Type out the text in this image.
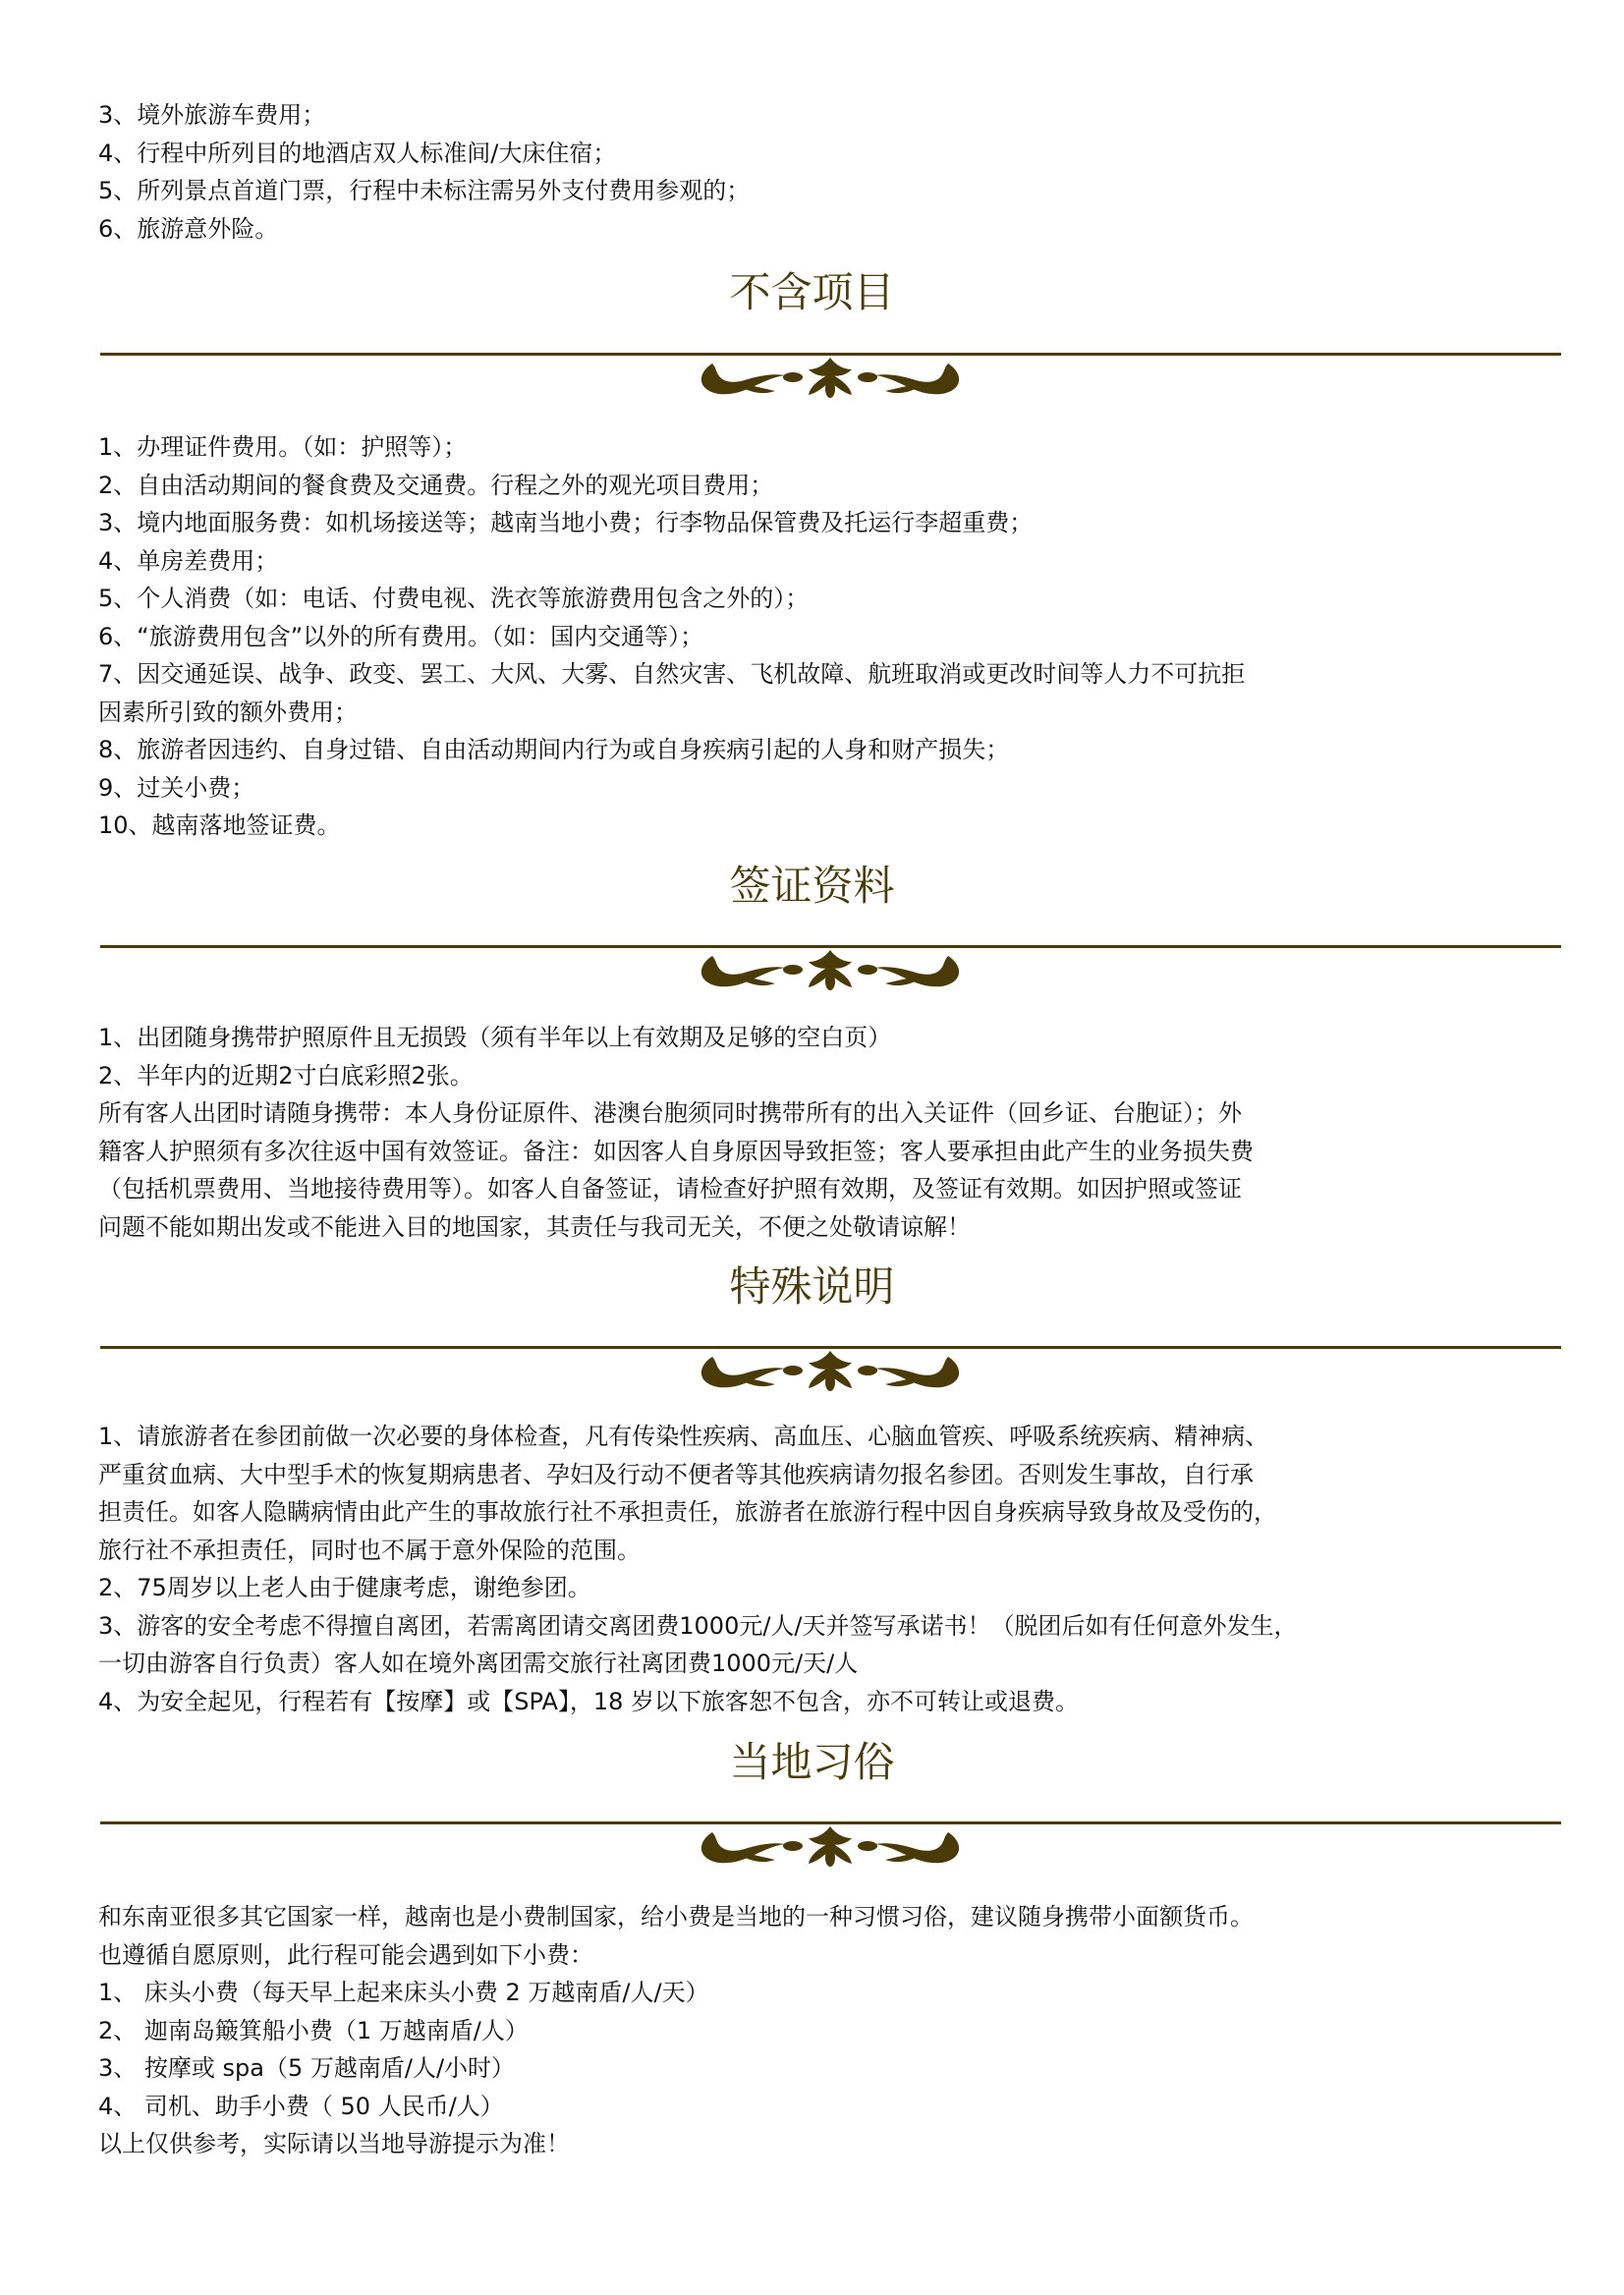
3、境外旅游车费用；
4、行程中所列目的地酒店双人标准间/大床住宿；
5、所列景点首道门票，行程中未标注需另外支付费用参观的；
6、旅游意外险。
不含项目
1、办理证件费用。（如：护照等）；
2、自由活动期间的餐食费及交通费。行程之外的观光项目费用；
3、境内地面服务费：如机场接送等；越南当地小费；行李物品保管费及托运行李超重费；
4、单房差费用；
5、个人消费（如：电话、付费电视、洗衣等旅游费用包含之外的）；
6、“旅游费用包含”以外的所有费用。（如：国内交通等）；
7、因交通延误、战争、政变、罢工、大风、大雾、自然灾害、飞机故障、航班取消或更改时间等人力不可抗拒
因素所引致的额外费用；
8、旅游者因违约、自身过错、自由活动期间内行为或自身疾病引起的人身和财产损失；
9、过关小费；
10、越南落地签证费。
签证资料
1、出团随身携带护照原件且无损毁（须有半年以上有效期及足够的空白页）
2、半年内的近期2寸白底彩照2张。
所有客人出团时请随身携带：本人身份证原件、港澳台胞须同时携带所有的出入关证件（回乡证、台胞证）；外
籍客人护照须有多次往返中国有效签证。备注：如因客人自身原因导致拒签；客人要承担由此产生的业务损失费
（包括机票费用、当地接待费用等）。如客人自备签证，请检查好护照有效期，及签证有效期。如因护照或签证
问题不能如期出发或不能进入目的地国家，其责任与我司无关，不便之处敬请谅解！
特殊说明
1、请旅游者在参团前做一次必要的身体检查，凡有传染性疾病、高血压、心脑血管疾、呼吸系统疾病、精神病、
严重贫血病、大中型手术的恢复期病患者、孕妇及行动不便者等其他疾病请勿报名参团。否则发生事故，自行承
担责任。如客人隐瞒病情由此产生的事故旅行社不承担责任，旅游者在旅游行程中因自身疾病导致身故及受伤的，
旅行社不承担责任，同时也不属于意外保险的范围。
2、75周岁以上老人由于健康考虑，谢绝参团。
3、游客的安全考虑不得擅自离团，若需离团请交离团费1000元/人/天并签写承诺书！（脱团后如有任何意外发生，
一切由游客自行负责）客人如在境外离团需交旅行社离团费1000元/天/人
4、为安全起见，行程若有【按摩】或【SPA】，18 岁以下旅客恕不包含，亦不可转让或退费。
当地习俗
和东南亚很多其它国家一样，越南也是小费制国家，给小费是当地的一种习惯习俗，建议随身携带小面额货币。
也遵循自愿原则，此行程可能会遇到如下小费：
1、 床头小费（每天早上起来床头小费 2 万越南盾/人/天）
2、 迦南岛簸箕船小费（1 万越南盾/人）
3、 按摩或 spa（5 万越南盾/人/小时）
4、 司机、助手小费（ 50 人民币/人）
以上仅供参考，实际请以当地导游提示为准！
